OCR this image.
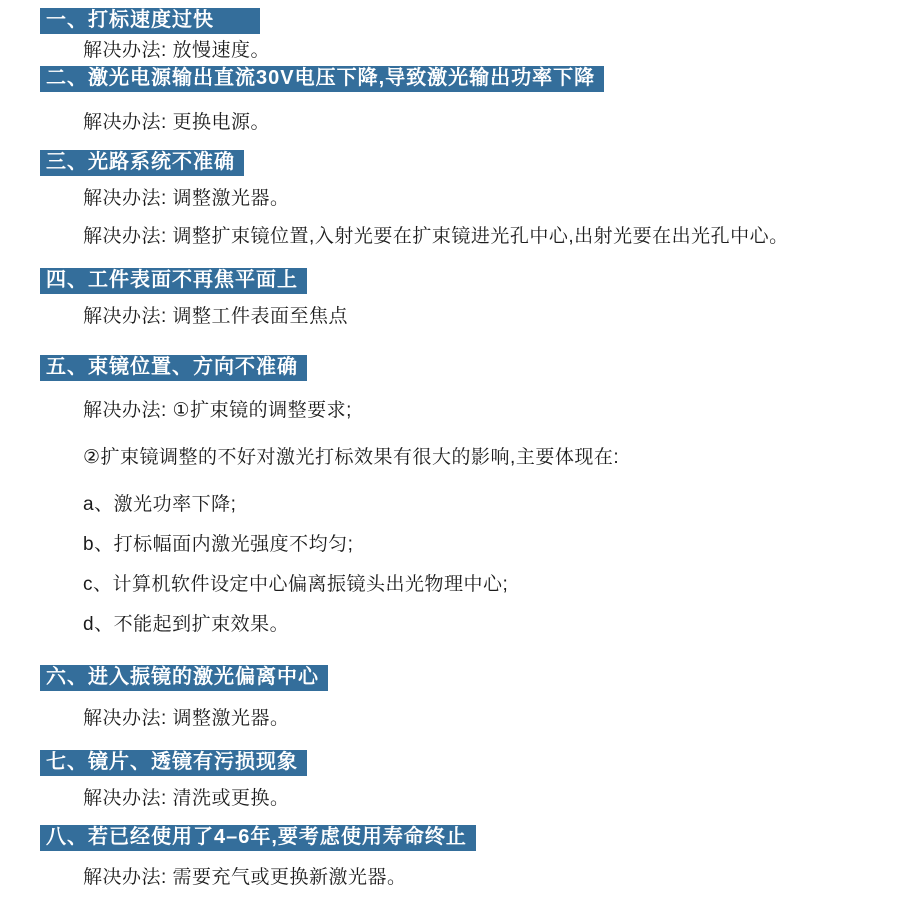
一、打标速度过快

解决办法: 放慢速度。

二、激光电源输出直流30V电压下降,导致激光输出功率下降

解决办法: 更换电源。

三、光路系统不准确

解决办法: 调整激光器。

解决办法: 调整扩束镜位置,入射光要在扩束镜进光孔中心,出射光要在出光孔中心。

四、工件表面不再焦平面上

解决办法: 调整工件表面至焦点

五、束镜位置、方向不准确

解决办法: ①扩束镜的调整要求;

②扩束镜调整的不好对激光打标效果有很大的影响,主要体现在:

a、激光功率下降;

b、打标幅面内激光强度不均匀;

c、计算机软件设定中心偏离振镜头出光物理中心;

d、不能起到扩束效果。

六、进入振镜的激光偏离中心

解决办法: 调整激光器。

七、镜片、透镜有污损现象

解决办法: 清洗或更换。

八、若已经使用了4–6年,要考虑使用寿命终止

解决办法: 需要充气或更换新激光器。
